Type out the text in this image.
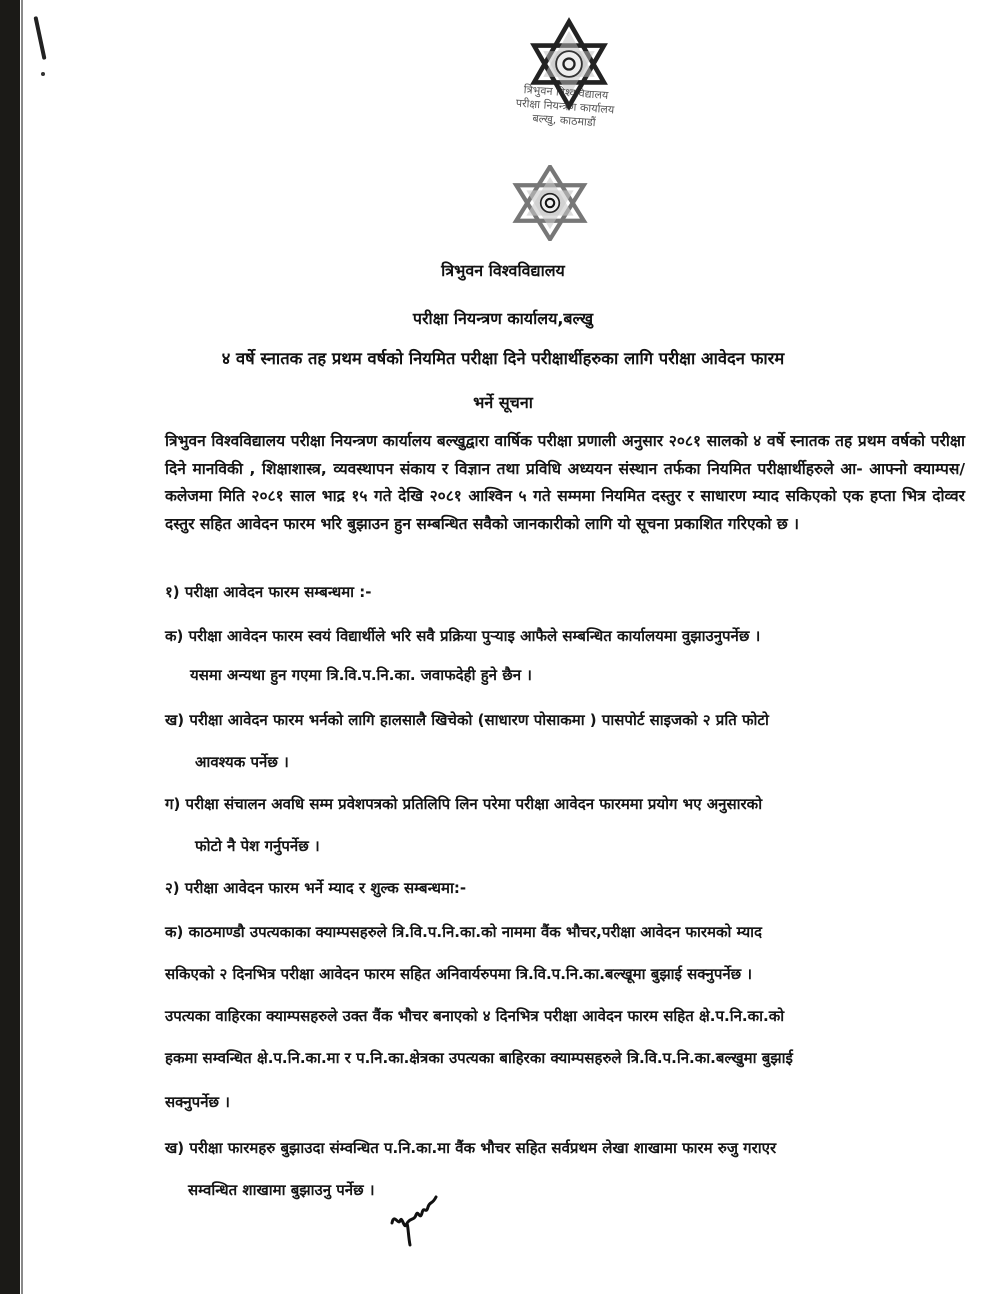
त्रिभुवन विश्वविद्यालय
परीक्षा नियन्त्रण कार्यालय
बल्खु, काठमाडौं
त्रिभुवन विश्वविद्यालय
परीक्षा नियन्त्रण कार्यालय,बल्खु
४ वर्षे स्नातक तह प्रथम वर्षको नियमित परीक्षा दिने परीक्षार्थीहरुका लागि परीक्षा आवेदन फारम
भर्ने सूचना
त्रिभुवन विश्वविद्यालय परीक्षा नियन्त्रण कार्यालय बल्खुद्वारा वार्षिक परीक्षा प्रणाली अनुसार २०८१ सालको ४ वर्षे स्नातक तह प्रथम वर्षको परीक्षा दिने मानविकी , शिक्षाशास्त्र, व्यवस्थापन संकाय र विज्ञान तथा प्रविधि अध्ययन संस्थान तर्फका नियमित परीक्षार्थीहरुले आ- आफ्नो क्याम्पस/कलेजमा मिति २०८१ साल भाद्र १५ गते देखि २०८१ आश्विन ५ गते सम्ममा नियमित दस्तुर र साधारण म्याद सकिएको एक हप्ता भित्र दोव्वर दस्तुर सहित आवेदन फारम भरि बुझाउन हुन सम्बन्धित सवैको जानकारीको लागि यो सूचना प्रकाशित गरिएको छ ।
१) परीक्षा आवेदन फारम सम्बन्धमा :-
क) परीक्षा आवेदन फारम स्वयं विद्यार्थीले भरि सवै प्रक्रिया पुर्‍याइ आफैले सम्बन्धित कार्यालयमा वुझाउनुपर्नेछ ।
यसमा अन्यथा हुन गएमा त्रि.वि.प.नि.का. जवाफदेही हुने छैन ।
ख) परीक्षा आवेदन फारम भर्नको लागि हालसालै खिचेको (साधारण पोसाकमा ) पासपोर्ट साइजको २ प्रति फोटो
आवश्यक पर्नेछ ।
ग) परीक्षा संचालन अवधि सम्म प्रवेशपत्रको प्रतिलिपि लिन परेमा परीक्षा आवेदन फारममा प्रयोग भए अनुसारको
फोटो नै पेश गर्नुपर्नेछ ।
२) परीक्षा आवेदन फारम भर्ने म्याद र शुल्क सम्बन्धमा:-
क) काठमाण्डौ उपत्यकाका क्याम्पसहरुले त्रि.वि.प.नि.का.को नाममा वैंक भौचर,परीक्षा आवेदन फारमको म्याद
सकिएको २ दिनभित्र परीक्षा आवेदन फारम सहित अनिवार्यरुपमा त्रि.वि.प.नि.का.बल्खूमा बुझाई सक्नुपर्नेछ ।
उपत्यका वाहिरका क्याम्पसहरुले उक्त वैंक भौचर बनाएको ४ दिनभित्र परीक्षा आवेदन फारम सहित क्षे.प.नि.का.को
हकमा सम्वन्धित क्षे.प.नि.का.मा र प.नि.का.क्षेत्रका उपत्यका बाहिरका क्याम्पसहरुले त्रि.वि.प.नि.का.बल्खुमा बुझाई
सक्नुपर्नेछ ।
ख) परीक्षा फारमहरु बुझाउदा संम्वन्धित प.नि.का.मा वैंक भौचर सहित सर्वप्रथम लेखा शाखामा फारम रुजु गराएर
सम्वन्धित शाखामा बुझाउनु पर्नेछ ।
